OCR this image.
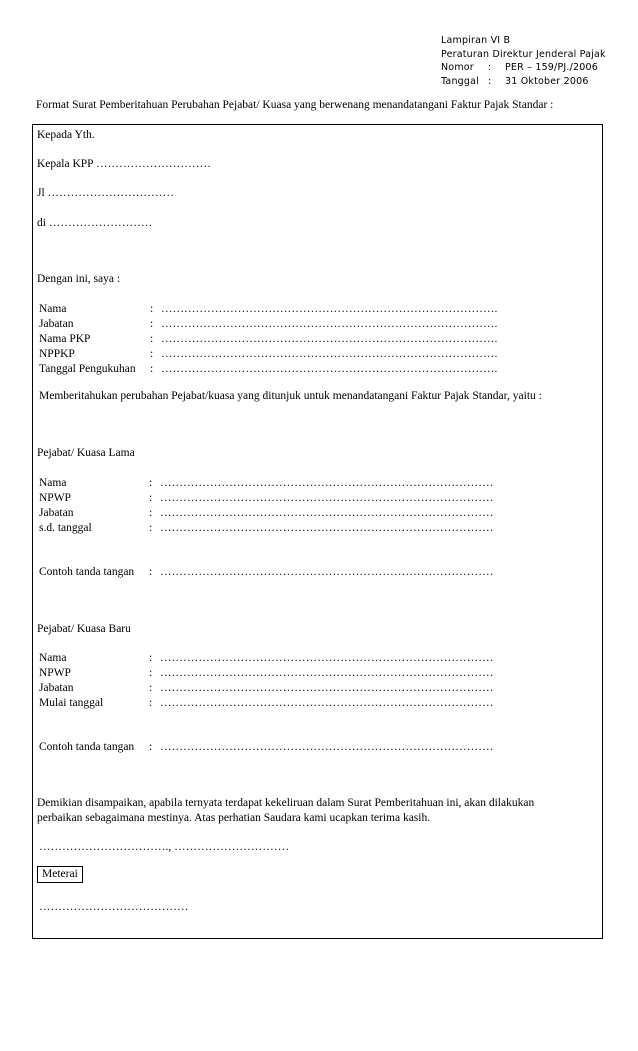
Lampiran VI B
Peraturan Direktur Jenderal Pajak
Nomor	:	PER – 159/PJ./2006
Tanggal :	31 Oktober 2006
Format Surat Pemberitahuan Perubahan Pejabat/ Kuasa yang berwenang menandatangani Faktur Pajak Standar :
Kepada Yth.
Kepala KPP …………………………
Jl ……………………………
di ………………………
Dengan ini, saya :
Nama	: …………………………………………………………………………….
Jabatan	: …………………………………………………………………………….
Nama PKP	: …………………………………………………………………………….
NPPKP	: …………………………………………………………………………….
Tanggal Pengukuhan : …………………………………………………………………………….
Memberitahukan perubahan Pejabat/kuasa yang ditunjuk untuk menandatangani Faktur Pajak Standar, yaitu :
Pejabat/ Kuasa Lama
Nama	: ……………………………………………………………………………
NPWP	: ……………………………………………………………………………
Jabatan	: ……………………………………………………………………………
s.d. tanggal	: ……………………………………………………………………………
Contoh tanda tangan : ……………………………………………………………………………
Pejabat/ Kuasa Baru
Nama	: ……………………………………………………………………………
NPWP	: ……………………………………………………………………………
Jabatan	: ……………………………………………………………………………
Mulai tanggal	: ……………………………………………………………………………
Contoh tanda tangan : ……………………………………………………………………………
Demikian disampaikan, apabila ternyata terdapat kekeliruan dalam Surat Pemberitahuan ini, akan dilakukan
perbaikan sebagaimana mestinya. Atas perhatian Saudara kami ucapkan terima kasih.
……………………………., …………………………
Meterai
…………………………………
